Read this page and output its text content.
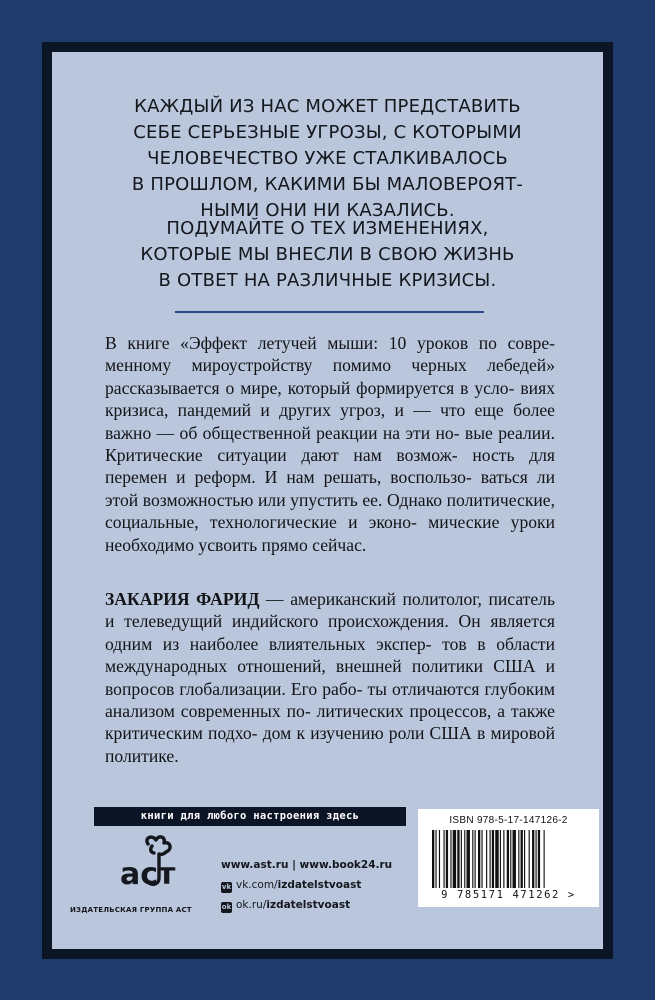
КАЖДЫЙ ИЗ НАС МОЖЕТ ПРЕДСТАВИТЬ
СЕБЕ СЕРЬЕЗНЫЕ УГРОЗЫ, С КОТОРЫМИ
ЧЕЛОВЕЧЕСТВО УЖЕ СТАЛКИВАЛОСЬ
В ПРОШЛОМ, КАКИМИ БЫ МАЛОВЕРОЯТ-
НЫМИ ОНИ НИ КАЗАЛИСЬ.

ПОДУМАЙТЕ О ТЕХ ИЗМЕНЕНИЯХ,
КОТОРЫЕ МЫ ВНЕСЛИ В СВОЮ ЖИЗНЬ
В ОТВЕТ НА РАЗЛИЧНЫЕ КРИЗИСЫ.

В книге «Эффект летучей мыши: 10 уроков по совре- менному мироустройству помимо черных лебедей» рассказывается о мире, который формируется в усло- виях кризиса, пандемий и других угроз, и — что еще более важно — об общественной реакции на эти но- вые реалии. Критические ситуации дают нам возмож- ность для перемен и реформ. И нам решать, воспользо- ваться ли этой возможностью или упустить ее. Однако политические, социальные, технологические и эконо- мические уроки необходимо усвоить прямо сейчас.

ЗАКАРИЯ ФАРИД — американский политолог, писатель и телеведущий индийского происхождения. Он является одним из наиболее влиятельных экспер- тов в области международных отношений, внешней политики США и вопросов глобализации. Его рабо- ты отличаются глубоким анализом современных по- литических процессов, а также критическим подхо- дом к изучению роли США в мировой политике.

книги для любого настроения здесь
acт
ИЗДАТЕЛЬСКАЯ ГРУППА АСТ
www.ast.ru | www.book24.ru
vk vk.com/izdatelstvoast
ok ok.ru/izdatelstvoast
ISBN 978-5-17-147126-2
9 785171 471262 >
